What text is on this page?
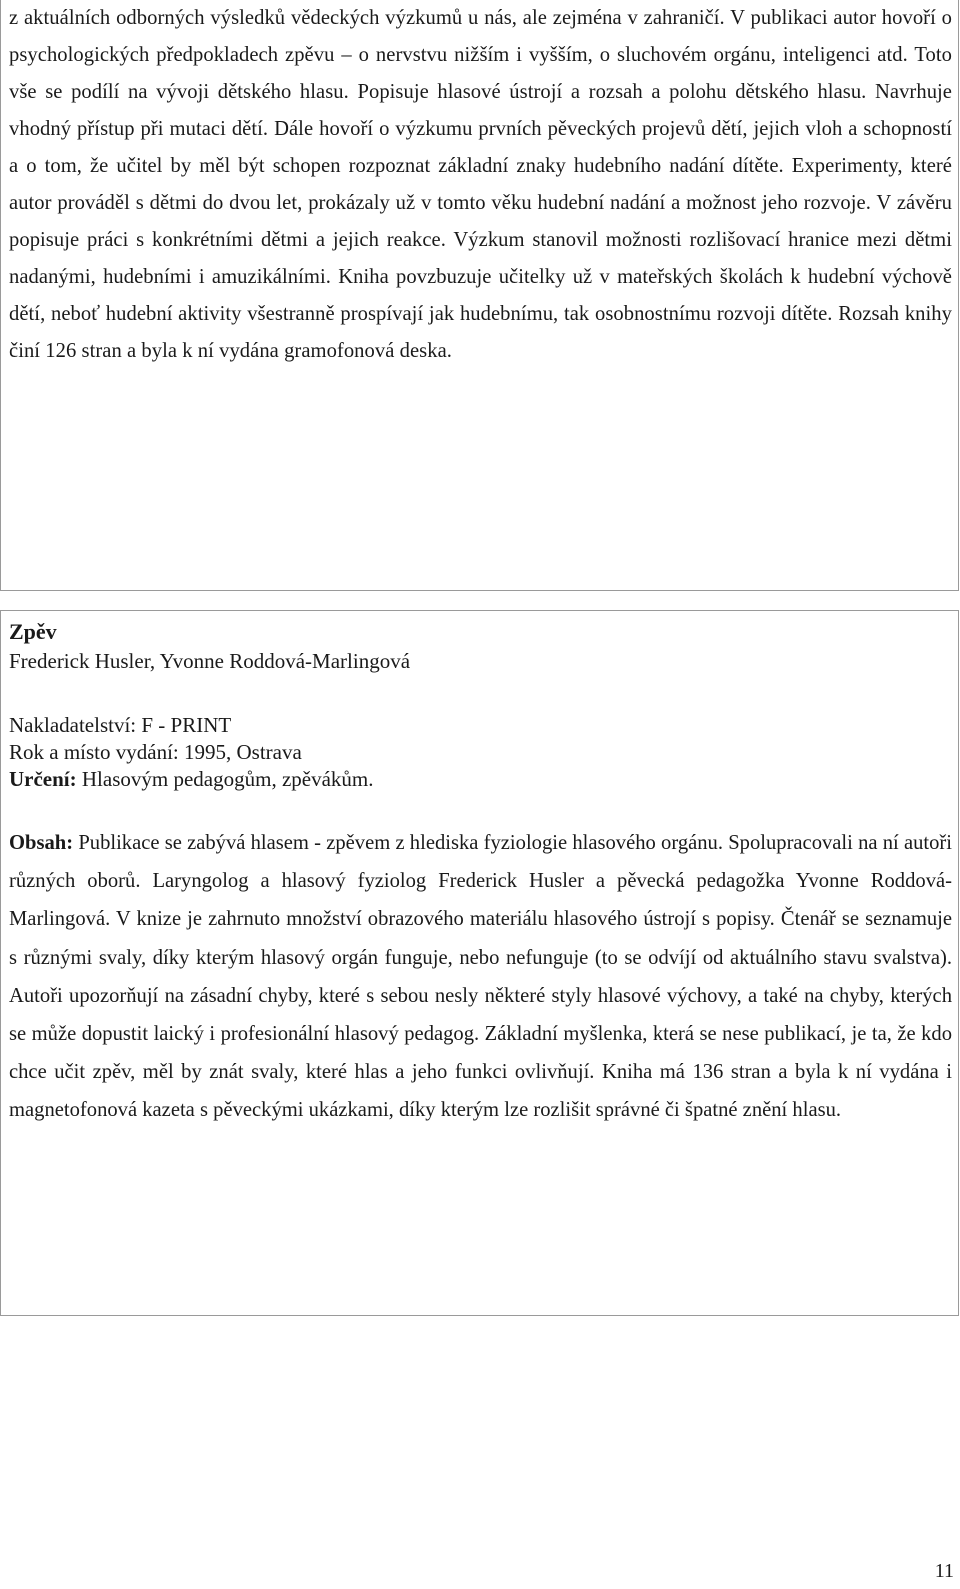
z aktuálních odborných výsledků vědeckých výzkumů u nás, ale zejména v zahraničí. V publikaci autor hovoří o psychologických předpokladech zpěvu – o nervstvu nižším i vyšším, o sluchovém orgánu, inteligenci atd. Toto vše se podílí na vývoji dětského hlasu. Popisuje hlasové ústrojí a rozsah a polohu dětského hlasu. Navrhuje vhodný přístup při mutaci dětí. Dále hovoří o výzkumu prvních pěveckých projevů dětí, jejich vloh a schopností a o tom, že učitel by měl být schopen rozpoznat základní znaky hudebního nadání dítěte. Experimenty, které autor prováděl s dětmi do dvou let, prokázaly už v tomto věku hudební nadání a možnost jeho rozvoje. V závěru popisuje práci s konkrétními dětmi a jejich reakce. Výzkum stanovil možnosti rozlišovací hranice mezi dětmi nadanými, hudebními i amuzikálními. Kniha povzbuzuje učitelky už v mateřských školách k hudební výchově dětí, neboť hudební aktivity všestranně prospívají jak hudebnímu, tak osobnostnímu rozvoji dítěte. Rozsah knihy činí 126 stran a byla k ní vydána gramofonová deska.

Zpěv

Frederick Husler, Yvonne Roddová-Marlingová

Nakladatelství: F - PRINT

Rok a místo vydání: 1995, Ostrava

Určení: Hlasovým pedagogům, zpěvákům.

Obsah: Publikace se zabývá hlasem - zpěvem z hlediska fyziologie hlasového orgánu. Spolupracovali na ní autoři různých oborů. Laryngolog a hlasový fyziolog Frederick Husler a pěvecká pedagožka Yvonne Roddová-Marlingová. V knize je zahrnuto množství obrazového materiálu hlasového ústrojí s popisy. Čtenář se seznamuje s různými svaly, díky kterým hlasový orgán funguje, nebo nefunguje (to se odvíjí od aktuálního stavu svalstva). Autoři upozorňují na zásadní chyby, které s sebou nesly některé styly hlasové výchovy, a také na chyby, kterých se může dopustit laický i profesionální hlasový pedagog. Základní myšlenka, která se nese publikací, je ta, že kdo chce učit zpěv, měl by znát svaly, které hlas a jeho funkci ovlivňují. Kniha má 136 stran a byla k ní vydána i magnetofonová kazeta s pěveckými ukázkami, díky kterým lze rozlišit správné či špatné znění hlasu.

11
